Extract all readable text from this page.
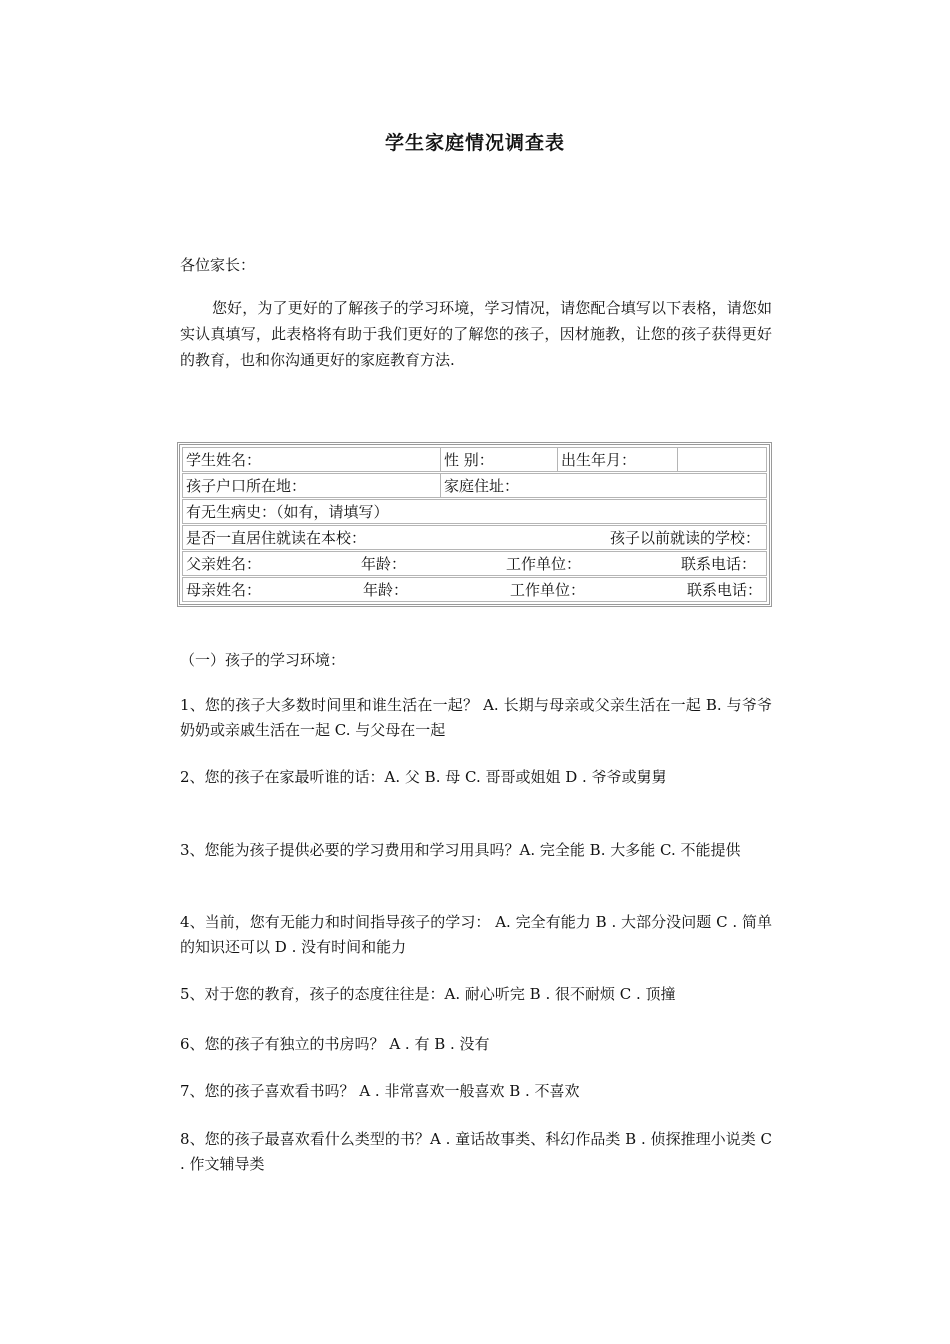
学生家庭情况调查表
各位家长：
您好，为了更好的了解孩子的学习环境，学习情况，请您配合填写以下表格，请您如实认真填写，此表格将有助于我们更好的了解您的孩子，因材施教，让您的孩子获得更好的教育，也和你沟通更好的家庭教育方法.
学生姓名：	性 别：	出生年月：
孩子户口所在地：	家庭住址：
有无生病史：（如有，请填写）
是否一直居住就读在本校：	孩子以前就读的学校：
父亲姓名：	年龄：	工作单位：	联系电话：
母亲姓名：	年龄：	工作单位：	联系电话：
（一）孩子的学习环境：
1、您的孩子大多数时间里和谁生活在一起？ A. 长期与母亲或父亲生活在一起 B. 与爷爷奶奶或亲戚生活在一起 C. 与父母在一起
2、您的孩子在家最听谁的话：A. 父 B. 母 C. 哥哥或姐姐 D . 爷爷或舅舅
3、您能为孩子提供必要的学习费用和学习用具吗？A. 完全能 B. 大多能 C. 不能提供
4、当前，您有无能力和时间指导孩子的学习： A. 完全有能力 B . 大部分没问题 C . 简单的知识还可以 D . 没有时间和能力
5、对于您的教育，孩子的态度往往是：A. 耐心听完 B . 很不耐烦 C . 顶撞
6、您的孩子有独立的书房吗？ A . 有 B . 没有
7、您的孩子喜欢看书吗？ A . 非常喜欢一般喜欢 B . 不喜欢
8、您的孩子最喜欢看什么类型的书？A . 童话故事类、科幻作品类 B . 侦探推理小说类 C . 作文辅导类
